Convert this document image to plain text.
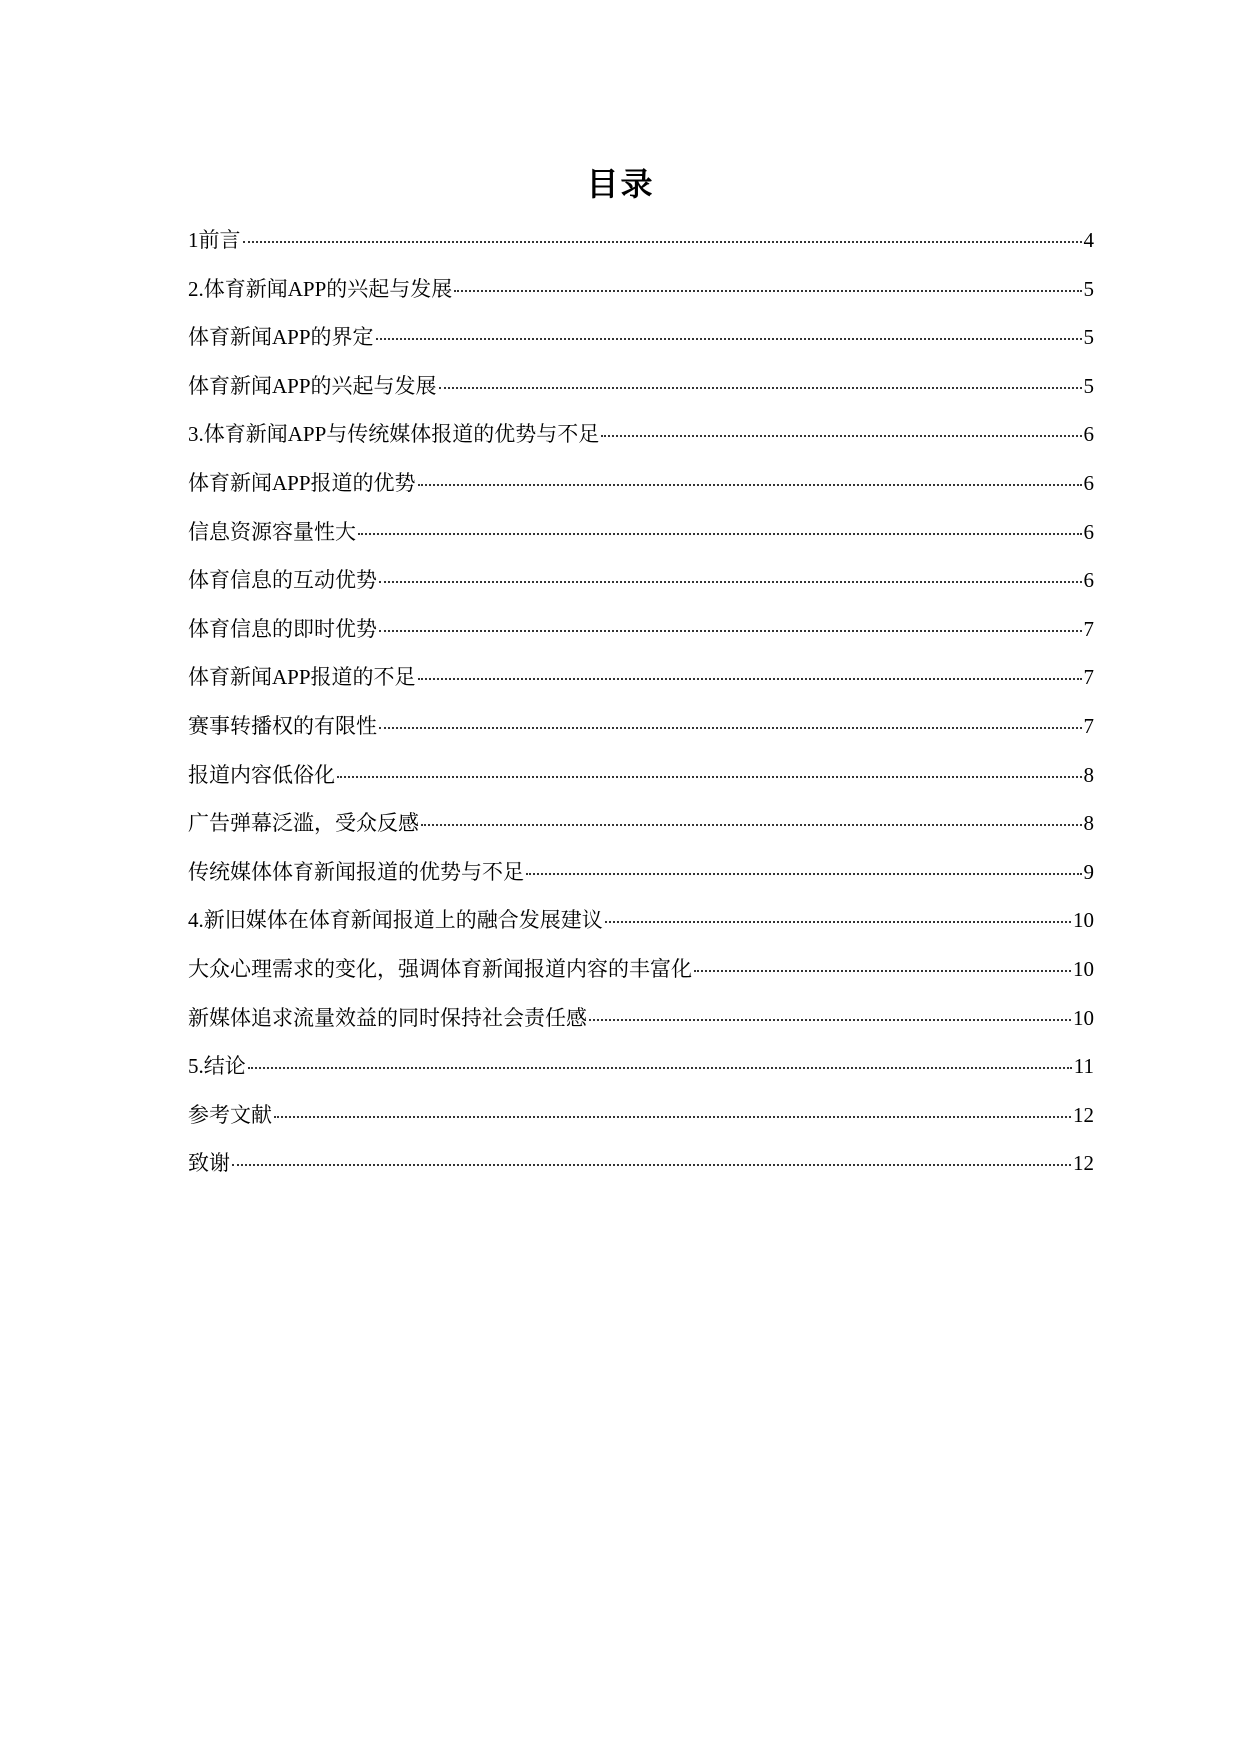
目录
1前言	4
2.体育新闻APP的兴起与发展	5
体育新闻APP的界定	5
体育新闻APP的兴起与发展	5
3.体育新闻APP与传统媒体报道的优势与不足	6
体育新闻APP报道的优势	6
信息资源容量性大	6
体育信息的互动优势	6
体育信息的即时优势	7
体育新闻APP报道的不足	7
赛事转播权的有限性	7
报道内容低俗化	8
广告弹幕泛滥，受众反感	8
传统媒体体育新闻报道的优势与不足	9
4.新旧媒体在体育新闻报道上的融合发展建议	10
大众心理需求的变化，强调体育新闻报道内容的丰富化	10
新媒体追求流量效益的同时保持社会责任感	10
5.结论	11
参考文献	12
致谢	12
